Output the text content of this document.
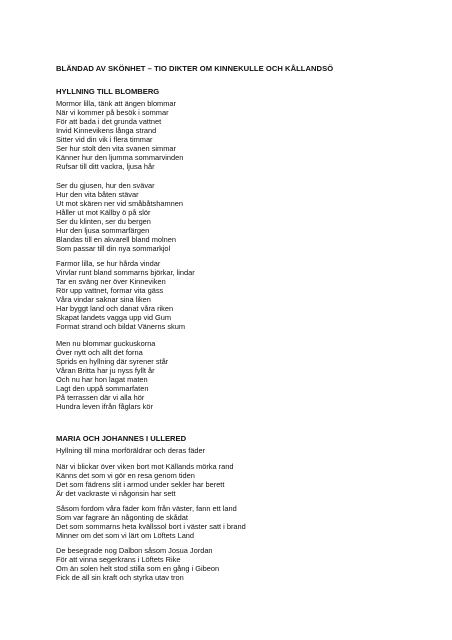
BLÄNDAD AV SKÖNHET – TIO DIKTER OM KINNEKULLE OCH KÅLLANDSÖ
HYLLNING TILL BLOMBERG
Mormor lilla, tänk att ängen blommar
När vi kommer på besök i sommar
För att bada i det grunda vattnet
Invid Kinnevikens långa strand
Sitter vid din vik i flera timmar
Ser hur stolt den vita svanen simmar
Känner hur den ljumma sommarvinden
Rufsar till ditt vackra, ljusa hår
Ser du gjusen, hur den svävar
Hur den vita båten stävar
Ut mot skären ner vid småbåtshamnen
Håller ut mot Källby ö på slör
Ser du klinten, ser du bergen
Hur den ljusa sommarfärgen
Blandas till en akvarell bland molnen
Som passar till din nya sommarkjol
Farmor lilla, se hur hårda vindar
Virvlar runt bland sommarns björkar, lindar
Tar en sväng ner över Kinneviken
Rör upp vattnet, formar vita gäss
Våra vindar saknar sina liken
Har byggt land och danat våra riken
Skapat landets vagga upp vid Gum
Format strand och bildat Vänerns skum
Men nu blommar guckuskorna
Över nytt och allt det forna
Sprids en hyllning där syrener står
Våran Britta har ju nyss fyllt år
Och nu har hon lagat maten
Lagt den uppå sommarfaten
På terrassen där vi alla hör
Hundra leven ifrån fåglars kör
MARIA OCH JOHANNES I ULLERED
Hyllning till mina morföräldrar och deras fäder
När vi blickar över viken bort mot Källands mörka rand
Känns det som vi gör en resa genom tiden
Det som fädrens slit i armod under sekler har berett
Är det vackraste vi någonsin har sett
Såsom fordom våra fäder kom från väster, fann ett land
Som var fagrare än någonting de skådat
Det som sommarns heta kvällssol bort i väster satt i brand
Minner om det som vi lärt om Löftets Land
De besegrade nog Dalbon såsom Josua Jordan
För att vinna segerkrans i Löftets Rike
Om än solen helt stod stilla som en gång i Gibeon
Fick de all sin kraft och styrka utav tron
